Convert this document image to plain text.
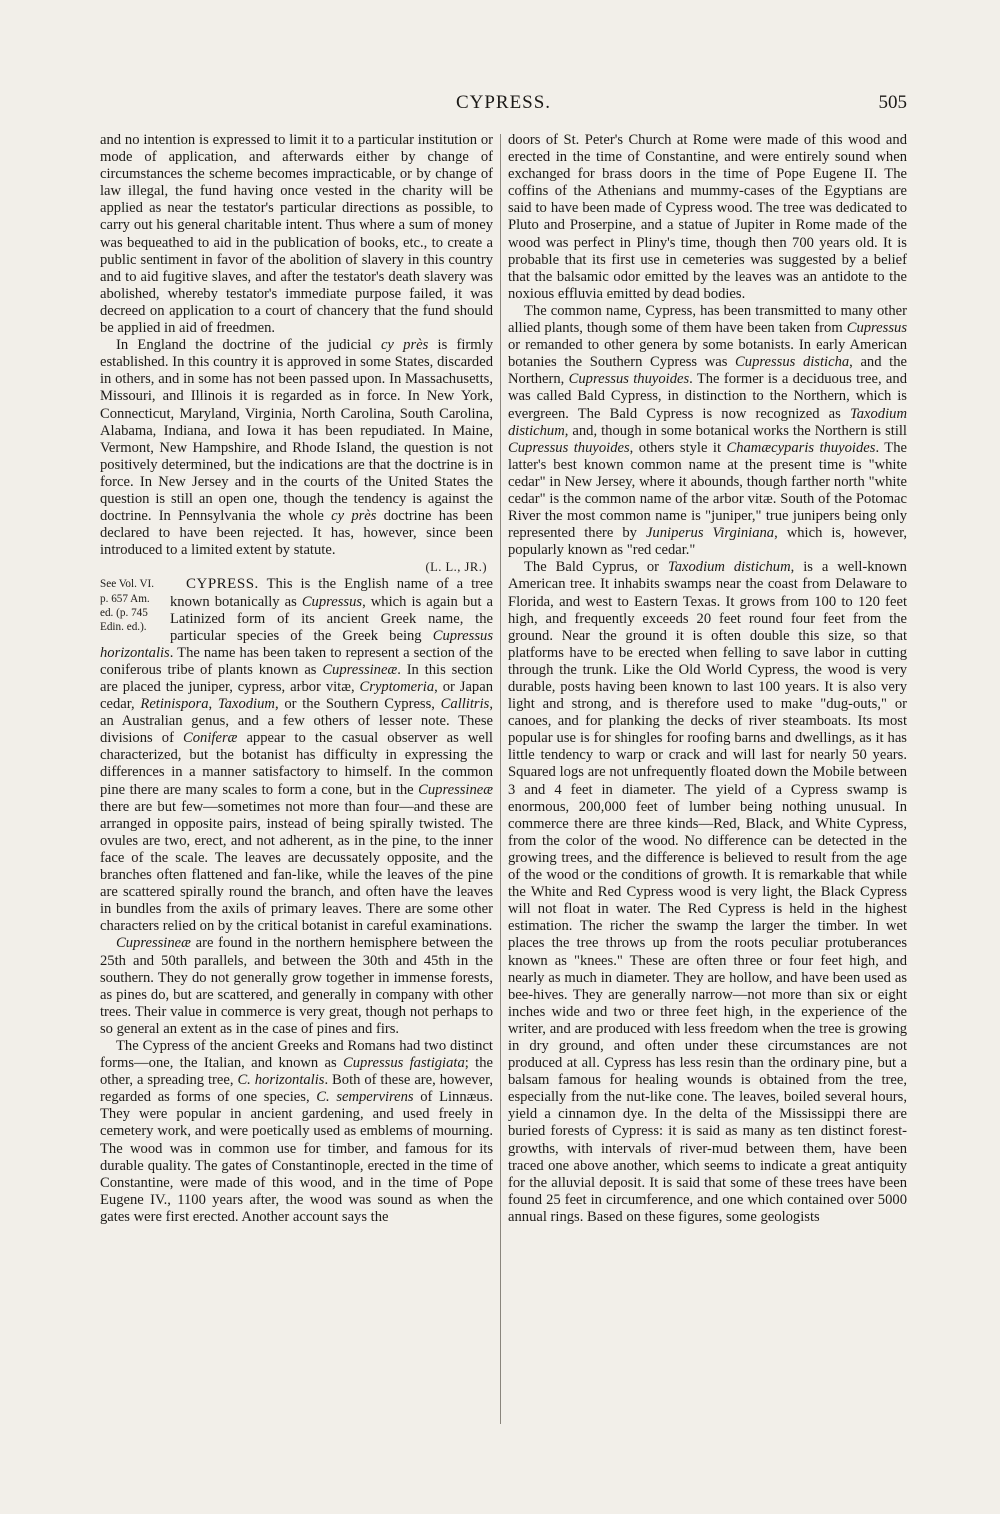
CYPRESS.	505

and no intention is expressed to limit it to a particular institution or mode of application, and afterwards either by change of circumstances the scheme becomes impracticable, or by change of law illegal, the fund having once vested in the charity will be applied as near the testator's particular directions as possible, to carry out his general charitable intent. Thus where a sum of money was bequeathed to aid in the publication of books, etc., to create a public sentiment in favor of the abolition of slavery in this country and to aid fugitive slaves, and after the testator's death slavery was abolished, whereby testator's immediate purpose failed, it was decreed on application to a court of chancery that the fund should be applied in aid of freedmen.

In England the doctrine of the judicial cy près is firmly established. In this country it is approved in some States, discarded in others, and in some has not been passed upon. In Massachusetts, Missouri, and Illinois it is regarded as in force. In New York, Connecticut, Maryland, Virginia, North Carolina, South Carolina, Alabama, Indiana, and Iowa it has been repudiated. In Maine, Vermont, New Hampshire, and Rhode Island, the question is not positively determined, but the indications are that the doctrine is in force. In New Jersey and in the courts of the United States the question is still an open one, though the tendency is against the doctrine. In Pennsylvania the whole cy près doctrine has been declared to have been rejected. It has, however, since been introduced to a limited extent by statute.

(L. L., JR.)

See Vol. VI. p. 657 Am. ed. (p. 745 Edin. ed.).
CYPRESS. This is the English name of a tree known botanically as Cupressus, which is again but a Latinized form of its ancient Greek name, the particular species of the Greek being Cupressus horizontalis. The name has been taken to represent a section of the coniferous tribe of plants known as Cupressineæ. In this section are placed the juniper, cypress, arbor vitæ, Cryptomeria, or Japan cedar, Retinispora, Taxodium, or the Southern Cypress, Callitris, an Australian genus, and a few others of lesser note. These divisions of Coniferæ appear to the casual observer as well characterized, but the botanist has difficulty in expressing the differences in a manner satisfactory to himself. In the common pine there are many scales to form a cone, but in the Cupressineæ there are but few—sometimes not more than four—and these are arranged in opposite pairs, instead of being spirally twisted. The ovules are two, erect, and not adherent, as in the pine, to the inner face of the scale. The leaves are decussately opposite, and the branches often flattened and fan-like, while the leaves of the pine are scattered spirally round the branch, and often have the leaves in bundles from the axils of primary leaves. There are some other characters relied on by the critical botanist in careful examinations.

Cupressineæ are found in the northern hemisphere between the 25th and 50th parallels, and between the 30th and 45th in the southern. They do not generally grow together in immense forests, as pines do, but are scattered, and generally in company with other trees. Their value in commerce is very great, though not perhaps to so general an extent as in the case of pines and firs.

The Cypress of the ancient Greeks and Romans had two distinct forms—one, the Italian, and known as Cupressus fastigiata; the other, a spreading tree, C. horizontalis. Both of these are, however, regarded as forms of one species, C. sempervirens of Linnæus. They were popular in ancient gardening, and used freely in cemetery work, and were poetically used as emblems of mourning. The wood was in common use for timber, and famous for its durable quality. The gates of Constantinople, erected in the time of Constantine, were made of this wood, and in the time of Pope Eugene IV., 1100 years after, the wood was sound as when the gates were first erected. Another account says the

doors of St. Peter's Church at Rome were made of this wood and erected in the time of Constantine, and were entirely sound when exchanged for brass doors in the time of Pope Eugene II. The coffins of the Athenians and mummy-cases of the Egyptians are said to have been made of Cypress wood. The tree was dedicated to Pluto and Proserpine, and a statue of Jupiter in Rome made of the wood was perfect in Pliny's time, though then 700 years old. It is probable that its first use in cemeteries was suggested by a belief that the balsamic odor emitted by the leaves was an antidote to the noxious effluvia emitted by dead bodies.

The common name, Cypress, has been transmitted to many other allied plants, though some of them have been taken from Cupressus or remanded to other genera by some botanists. In early American botanies the Southern Cypress was Cupressus disticha, and the Northern, Cupressus thuyoides. The former is a deciduous tree, and was called Bald Cypress, in distinction to the Northern, which is evergreen. The Bald Cypress is now recognized as Taxodium distichum, and, though in some botanical works the Northern is still Cupressus thuyoides, others style it Chamæcyparis thuyoides. The latter's best known common name at the present time is "white cedar" in New Jersey, where it abounds, though farther north "white cedar" is the common name of the arbor vitæ. South of the Potomac River the most common name is "juniper," true junipers being only represented there by Juniperus Virginiana, which is, however, popularly known as "red cedar."

The Bald Cyprus, or Taxodium distichum, is a well-known American tree. It inhabits swamps near the coast from Delaware to Florida, and west to Eastern Texas. It grows from 100 to 120 feet high, and frequently exceeds 20 feet round four feet from the ground. Near the ground it is often double this size, so that platforms have to be erected when felling to save labor in cutting through the trunk. Like the Old World Cypress, the wood is very durable, posts having been known to last 100 years. It is also very light and strong, and is therefore used to make "dug-outs," or canoes, and for planking the decks of river steamboats. Its most popular use is for shingles for roofing barns and dwellings, as it has little tendency to warp or crack and will last for nearly 50 years. Squared logs are not unfrequently floated down the Mobile between 3 and 4 feet in diameter. The yield of a Cypress swamp is enormous, 200,000 feet of lumber being nothing unusual. In commerce there are three kinds—Red, Black, and White Cypress, from the color of the wood. No difference can be detected in the growing trees, and the difference is believed to result from the age of the wood or the conditions of growth. It is remarkable that while the White and Red Cypress wood is very light, the Black Cypress will not float in water. The Red Cypress is held in the highest estimation. The richer the swamp the larger the timber. In wet places the tree throws up from the roots peculiar protuberances known as "knees." These are often three or four feet high, and nearly as much in diameter. They are hollow, and have been used as bee-hives. They are generally narrow—not more than six or eight inches wide and two or three feet high, in the experience of the writer, and are produced with less freedom when the tree is growing in dry ground, and often under these circumstances are not produced at all. Cypress has less resin than the ordinary pine, but a balsam famous for healing wounds is obtained from the tree, especially from the nut-like cone. The leaves, boiled several hours, yield a cinnamon dye. In the delta of the Mississippi there are buried forests of Cypress: it is said as many as ten distinct forest-growths, with intervals of river-mud between them, have been traced one above another, which seems to indicate a great antiquity for the alluvial deposit. It is said that some of these trees have been found 25 feet in circumference, and one which contained over 5000 annual rings. Based on these figures, some geologists
